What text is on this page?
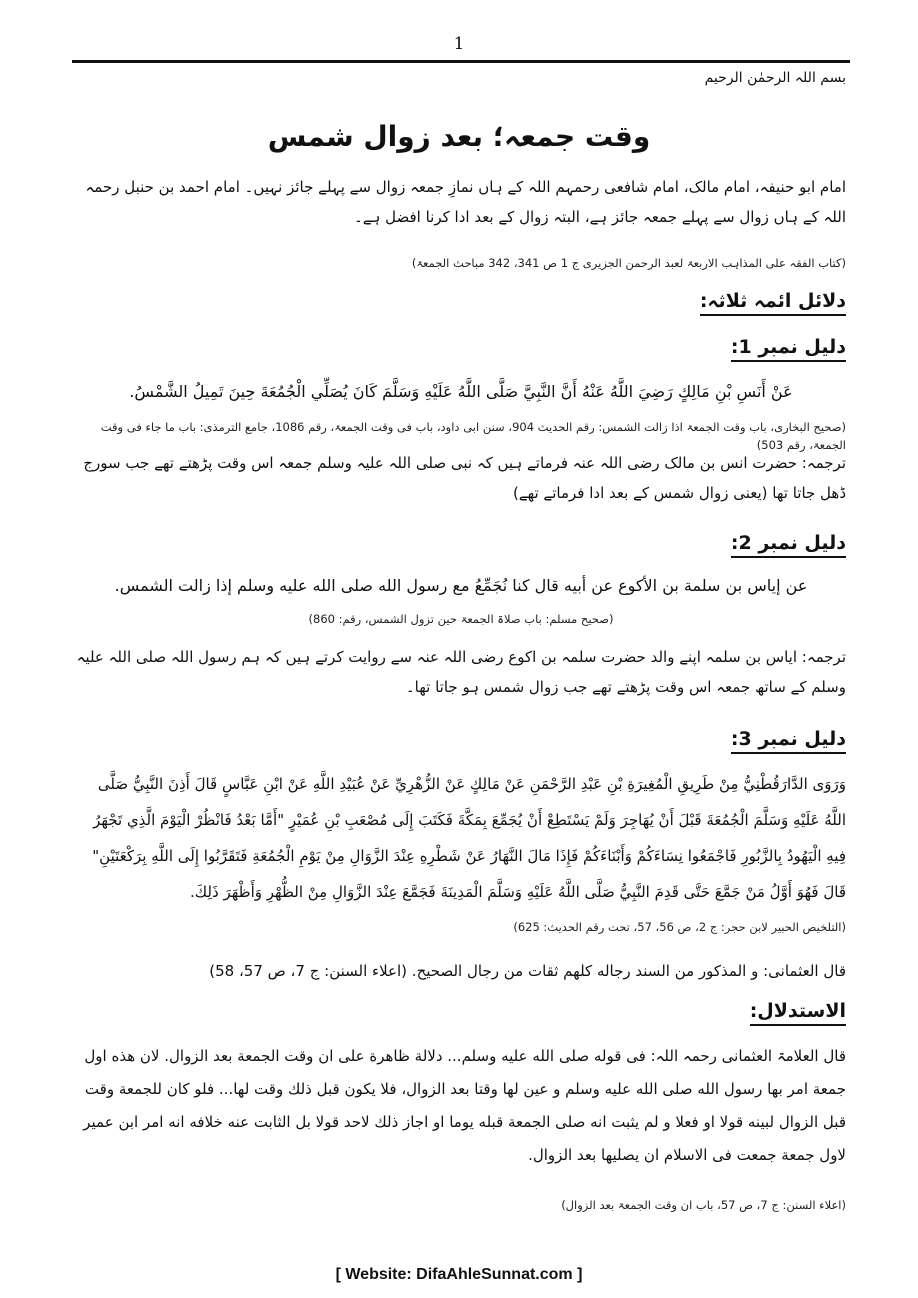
1
بسم اللہ الرحمٰن الرحیم
وقت جمعہ؛ بعد زوال شمس
امام ابو حنیفہ، امام مالک، امام شافعی رحمہم اللہ کے ہاں نمازِ جمعہ زوال سے پہلے جائز نہیں۔ امام احمد بن حنبل رحمہ اللہ کے ہاں زوال سے پہلے جمعہ جائز ہے، البتہ زوال کے بعد ادا کرنا افضل ہے۔
(کتاب الفقہ علی المذاہب الاربعۃ لعبد الرحمن الجزیری ج 1 ص 341، 342 مباحث الجمعۃ)
دلائل ائمہ ثلاثہ:
دلیل نمبر 1:
عَنْ أَنَسِ بْنِ مَالِكٍ رَضِيَ اللَّهُ عَنْهُ أَنَّ النَّبِيَّ صَلَّى اللَّهُ عَلَيْهِ وَسَلَّمَ كَانَ يُصَلِّي الْجُمُعَةَ حِينَ تَمِيلُ الشَّمْسُ.
(صحیح البخاری، باب وقت الجمعۃ اذا زالت الشمس: رقم الحدیث 904، سنن ابی داود، باب فی وقت الجمعۃ، رقم 1086، جامع الترمذی: باب ما جاء فی وقت الجمعۃ، رقم 503)
ترجمہ: حضرت انس بن مالک رضی اللہ عنہ فرماتے ہیں کہ نبی صلی اللہ علیہ وسلم جمعہ اس وقت پڑھتے تھے جب سورج ڈھل جاتا تھا (یعنی زوال شمس کے بعد ادا فرماتے تھے)
دلیل نمبر 2:
عن إياس بن سلمة بن الأكوع عن أبيه قال كنا نُجَمِّعُ مع رسول الله صلى الله عليه وسلم إذا زالت الشمس.
(صحیح مسلم: باب صلاۃ الجمعۃ حین تزول الشمس، رقم: 860)
ترجمہ: ایاس بن سلمہ اپنے والد حضرت سلمہ بن اکوع رضی اللہ عنہ سے روایت کرتے ہیں کہ ہم رسول اللہ صلی اللہ علیہ وسلم کے ساتھ جمعہ اس وقت پڑھتے تھے جب زوال شمس ہو جاتا تھا۔
دلیل نمبر 3:
وَرَوَى الدَّارَقُطْنِيُّ مِنْ طَرِيقِ الْمُغِيرَةِ بْنِ عَبْدِ الرَّحْمَنِ عَنْ مَالِكٍ عَنْ الزُّهْرِيِّ عَنْ عُبَيْدِ اللَّهِ عَنْ ابْنِ عَبَّاسٍ قَالَ أَذِنَ النَّبِيُّ صَلَّى اللَّهُ عَلَيْهِ وَسَلَّمَ الْجُمُعَةَ قَبْلَ أَنْ يُهَاجِرَ وَلَمْ يَسْتَطِعْ أَنْ يُجَمِّعَ بِمَكَّةَ فَكَتَبَ إِلَى مُصْعَبِ بْنِ عُمَيْرٍ "أَمَّا بَعْدُ فَانْظُرْ الْيَوْمَ الَّذِي تَجْهَرُ فِيهِ الْيَهُودُ بِالزَّبُورِ فَاجْمَعُوا نِسَاءَكُمْ وَأَبْنَاءَكُمْ فَإِذَا مَالَ النَّهَارُ عَنْ شَطْرِهِ عِنْدَ الزَّوَالِ مِنْ يَوْمِ الْجُمُعَةِ فَتَقَرَّبُوا إِلَى اللَّهِ بِرَكْعَتَيْنِ" قَالَ فَهُوَ أَوَّلُ مَنْ جَمَّعَ حَتَّى قَدِمَ النَّبِيُّ صَلَّى اللَّهُ عَلَيْهِ وَسَلَّمَ الْمَدِينَةَ فَجَمَّعَ عِنْدَ الزَّوَالِ مِنْ الظُّهْرِ وَأَظْهَرَ ذَلِكَ.
(التلخیص الحبیر لابن حجر: ج 2، ص 56، 57، تحت رقم الحدیث: 625)
قال العثمانی: و المذکور من السند رجاله کلهم ثقات من رجال الصحیح. (اعلاء السنن: ج 7، ص 57، 58)
الاستدلال:
قال العلامۃ العثمانی رحمہ اللہ: فی قوله صلی الله علیه وسلم... دلالة ظاهرة علی ان وقت الجمعة بعد الزوال. لان هذه اول جمعة امر بها رسول الله صلی الله علیه وسلم و عین لها وقتا بعد الزوال، فلا یکون قبل ذلك وقت لها... فلو کان للجمعة وقت قبل الزوال لبینه قولا او فعلا و لم یثبت انه صلی الجمعة قبله یوما او اجاز ذلك لاحد قولا بل الثابت عنه خلافه انه امر ابن عمیر لاول جمعة جمعت فی الاسلام ان یصلیها بعد الزوال.
(اعلاء السنن: ج 7، ص 57، باب ان وقت الجمعۃ بعد الزوال)
[ Website: DifaAhleSunnat.com ]
